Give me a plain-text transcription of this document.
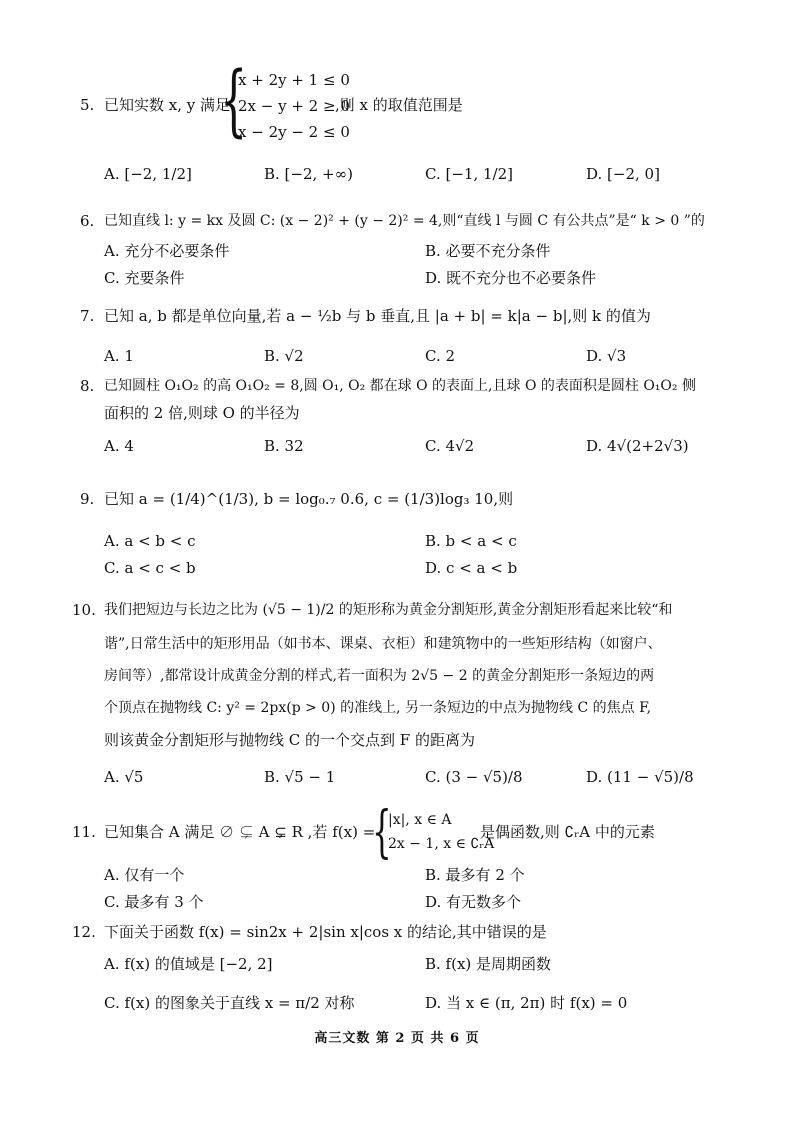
5. 已知实数 x, y 满足
{
x + 2y + 1 ≤ 0
2x − y + 2 ≥ 0
x − 2y − 2 ≤ 0
,则 x 的取值范围是
A. [−2, 1/2]	B. [−2, +∞)	C. [−1, 1/2]	D. [−2, 0]
6. 已知直线 l: y = kx 及圆 C: (x − 2)² + (y − 2)² = 4,则“直线 l 与圆 C 有公共点”是“ k > 0 ”的
A. 充分不必要条件	B. 必要不充分条件
C. 充要条件	D. 既不充分也不必要条件
7. 已知 a, b 都是单位向量,若 a − ½b 与 b 垂直,且 |a + b| = k|a − b|,则 k 的值为
A. 1	B. √2	C. 2	D. √3
8. 已知圆柱 O₁O₂ 的高 O₁O₂ = 8,圆 O₁, O₂ 都在球 O 的表面上,且球 O 的表面积是圆柱 O₁O₂ 侧
面积的 2 倍,则球 O 的半径为
A. 4	B. 32	C. 4√2	D. 4√(2+2√3)
9. 已知 a = (1/4)^(1/3), b = log₀.₇ 0.6, c = (1/3)log₃ 10,则
A. a < b < c	B. b < a < c
C. a < c < b	D. c < a < b
10. 我们把短边与长边之比为 (√5 − 1)/2 的矩形称为黄金分割矩形,黄金分割矩形看起来比较“和
谐”,日常生活中的矩形用品（如书本、课桌、衣柜）和建筑物中的一些矩形结构（如窗户、
房间等）,都常设计成黄金分割的样式,若一面积为 2√5 − 2 的黄金分割矩形一条短边的两
个顶点在抛物线 C: y² = 2px(p > 0) 的准线上, 另一条短边的中点为抛物线 C 的焦点 F,
则该黄金分割矩形与抛物线 C 的一个交点到 F 的距离为
A. √5	B. √5 − 1	C. (3 − √5)/8	D. (11 − √5)/8
11. 已知集合 A 满足 ∅ ⊊ A ⊊ R ,若 f(x) =
{
|x|, x ∈ A
2x − 1, x ∈ ∁ᵣA
是偶函数,则 ∁ᵣA 中的元素
A. 仅有一个	B. 最多有 2 个
C. 最多有 3 个	D. 有无数多个
12. 下面关于函数 f(x) = sin2x + 2|sin x|cos x 的结论,其中错误的是
A. f(x) 的值域是 [−2, 2]	B. f(x) 是周期函数
C. f(x) 的图象关于直线 x = π/2 对称	D. 当 x ∈ (π, 2π) 时 f(x) = 0
高三文数 第 2 页 共 6 页
